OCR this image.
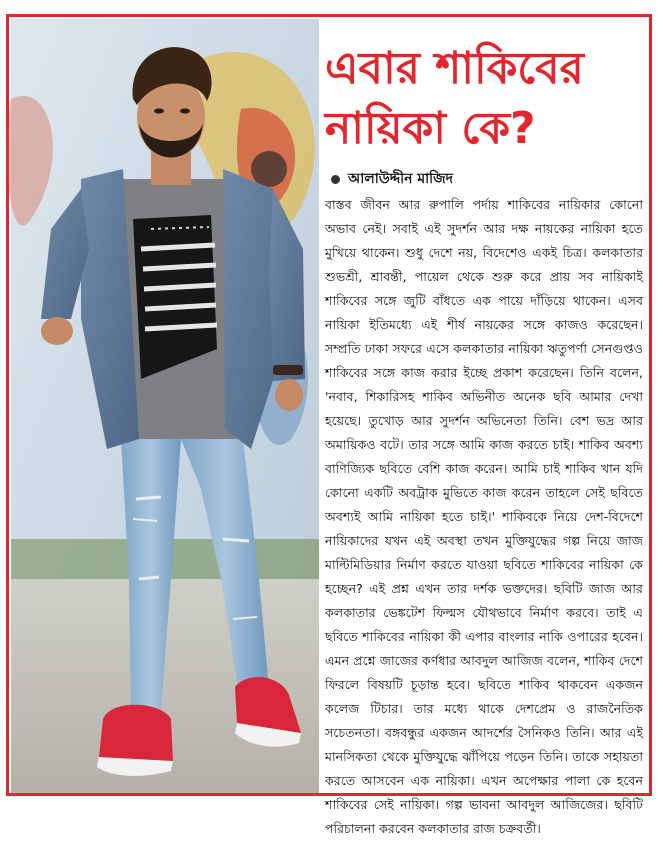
এবার শাকিবের নায়িকা কে?
আলাউদ্দীন মাজিদ

বাস্তব জীবন আর রুপালি পর্দায় শাকিবের নায়িকার কোনো অভাব নেই। সবাই এই সুদর্শন আর দক্ষ নায়কের নায়িকা হতে মুখিয়ে থাকেন। শুধু দেশে নয়, বিদেশেও একই চিত্র। কলকাতার শুভশ্রী, শ্রাবন্তী, পায়েল থেকে শুরু করে প্রায় সব নায়িকাই শাকিবের সঙ্গে জুটি বাঁধতে এক পায়ে দাঁড়িয়ে থাকেন। এসব নায়িকা ইতিমধ্যে এই শীর্ষ নায়কের সঙ্গে কাজও করেছেন। সম্প্রতি ঢাকা সফরে এসে কলকাতার নায়িকা ঋতুপর্ণা সেনগুপ্তও শাকিবের সঙ্গে কাজ করার ইচ্ছে প্রকাশ করেছেন। তিনি বলেন, 'নবাব, শিকারিসহ শাকিব অভিনীত অনেক ছবি আমার দেখা হয়েছে। তুখোড় আর সুদর্শন অভিনেতা তিনি। বেশ ভদ্র আর অমায়িকও বটে। তার সঙ্গে আমি কাজ করতে চাই। শাকিব অবশ্য বাণিজ্যিক ছবিতে বেশি কাজ করেন। আমি চাই শাকিব খান যদি কোনো একটি অবট্রাক মুভিতে কাজ করেন তাহলে সেই ছবিতে অবশ্যই আমি নায়িকা হতে চাই।' শাকিবকে নিয়ে দেশ-বিদেশে নায়িকাদের যখন এই অবস্থা তখন মুক্তিযুদ্ধের গল্প নিয়ে জাজ মাল্টিমিডিয়ার নির্মাণ করতে যাওয়া ছবিতে শাকিবের নায়িকা কে হচ্ছেন? এই প্রশ্ন এখন তার দর্শক ভক্তদের। ছবিটি জাজ আর কলকাতার ভেঙ্কটেশ ফিল্মস যৌথভাবে নির্মাণ করবে। তাই এ ছবিতে শাকিবের নায়িকা কী এপার বাংলার নাকি ওপারের হবেন। এমন প্রশ্নে জাজের কর্ণধার আবদুল আজিজ বলেন, শাকিব দেশে ফিরলে বিষয়টি চূড়ান্ত হবে। ছবিতে শাকিব থাকবেন একজন কলেজ টিচার। তার মধ্যে থাকে দেশপ্রেম ও রাজনৈতিক সচেতনতা। বঙ্গবন্ধুর একজন আদর্শের সৈনিকও তিনি। আর এই মানসিকতা থেকে মুক্তিযুদ্ধে ঝাঁপিয়ে পড়েন তিনি। তাকে সহায়তা করতে আসবেন এক নায়িকা। এখন অপেক্ষার পালা কে হবেন শাকিবের সেই নায়িকা। গল্প ভাবনা আবদুল আজিজের। ছবিটি পরিচালনা করবেন কলকাতার রাজ চক্রবর্তী।
